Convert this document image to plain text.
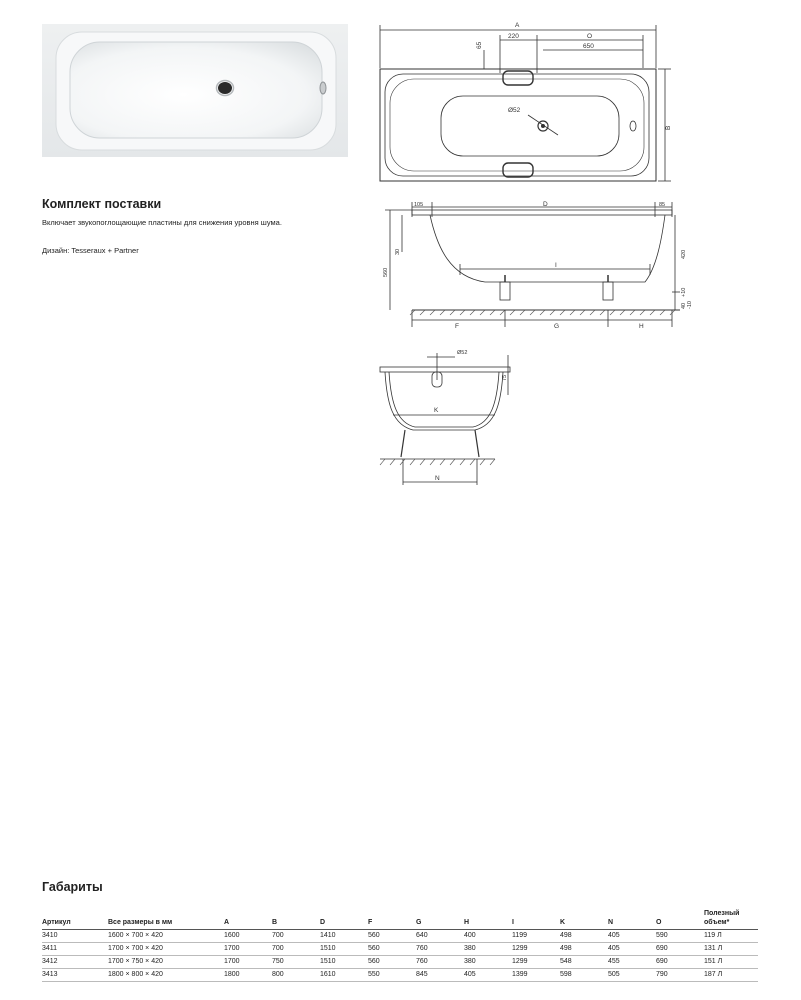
Комплект поставки
Включает звукопоглощающие пластины для снижения уровня шума.
Дизайн: Tesseraux + Partner
A
220	O
650
65
Ø52
B
105	D	85
I
560
30	420
40
+10
-10
F	G	H
Ø52
75
K
N
Габариты
Артикул	Все размеры в мм	A	B	D	F	G	H	I	K	N	O	Полезный объем*
3410	1600 × 700 × 420	1600	700	1410	560	640	400	1199	498	405	590	119 Л
3411	1700 × 700 × 420	1700	700	1510	560	760	380	1299	498	405	690	131 Л
3412	1700 × 750 × 420	1700	750	1510	560	760	380	1299	548	455	690	151 Л
3413	1800 × 800 × 420	1800	800	1610	550	845	405	1399	598	505	790	187 Л
